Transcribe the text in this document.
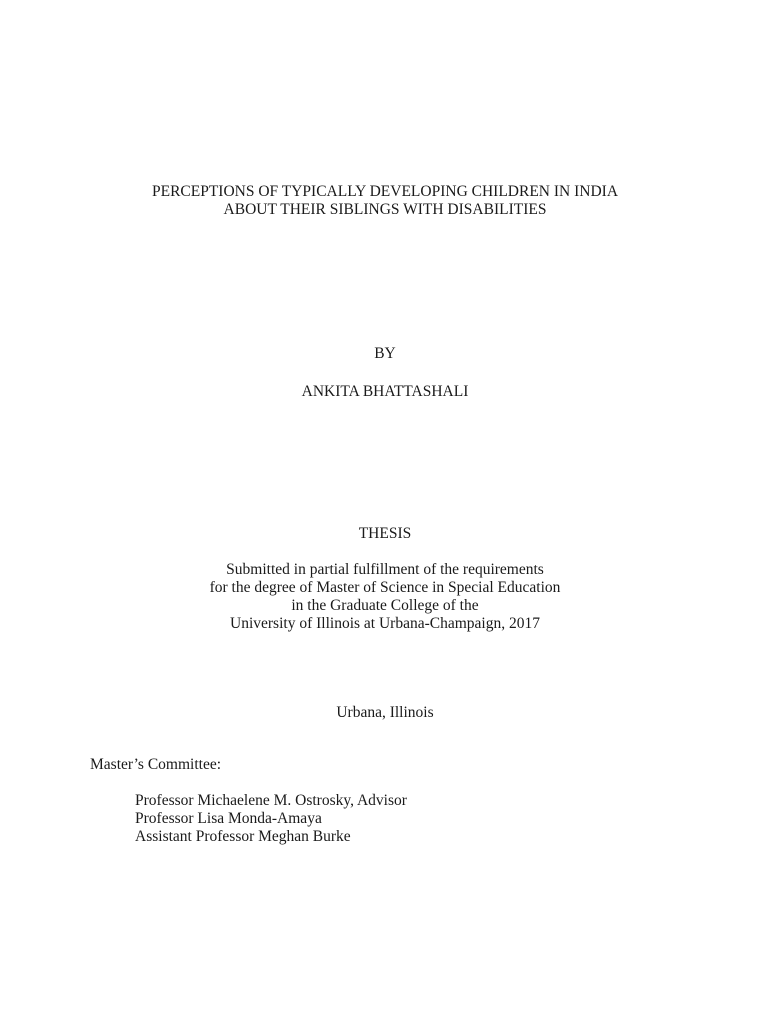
PERCEPTIONS OF TYPICALLY DEVELOPING CHILDREN IN INDIA
ABOUT THEIR SIBLINGS WITH DISABILITIES
BY
ANKITA BHATTASHALI
THESIS
Submitted in partial fulfillment of the requirements
for the degree of Master of Science in Special Education
in the Graduate College of the
University of Illinois at Urbana-Champaign, 2017
Urbana, Illinois
Master’s Committee:
Professor Michaelene M. Ostrosky, Advisor
Professor Lisa Monda-Amaya
Assistant Professor Meghan Burke
